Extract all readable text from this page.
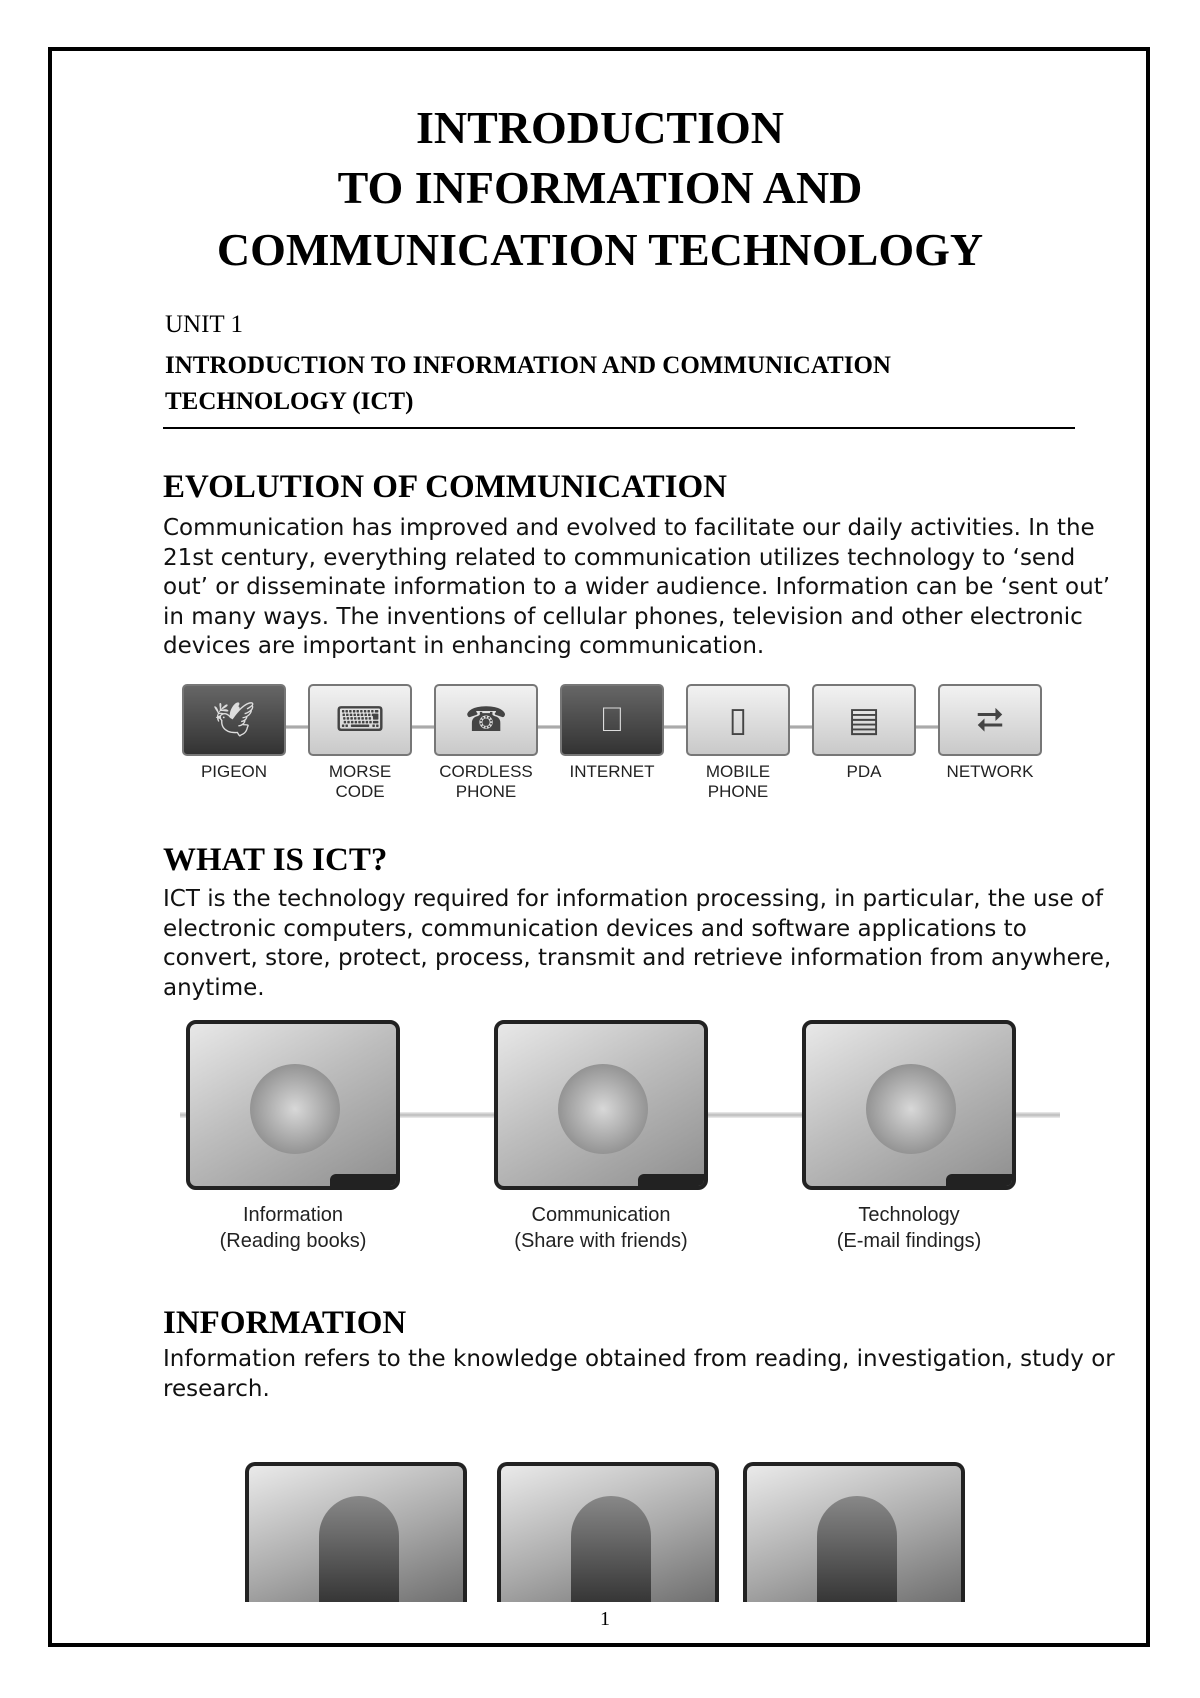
INTRODUCTION
TO INFORMATION AND
COMMUNICATION TECHNOLOGY
UNIT 1
INTRODUCTION TO INFORMATION AND COMMUNICATION TECHNOLOGY (ICT)
EVOLUTION OF COMMUNICATION
Communication has improved and evolved to facilitate our daily activities. In the 21st century, everything related to communication utilizes technology to ‘send out’ or disseminate information to a wider audience. Information can be ‘sent out’ in many ways. The inventions of cellular phones, television and other electronic devices are important in enhancing communication.
🕊
PIGEON
⌨
MORSE
CODE
☎
CORDLESS
PHONE
⎕
INTERNET
▯
MOBILE
PHONE
▤
PDA
⮂
NETWORK
WHAT IS ICT?
ICT is the technology required for information processing, in particular, the use of electronic computers, communication devices and software applications to convert, store, protect, process, transmit and retrieve information from anywhere, anytime.
Information
(Reading books)
Communication
(Share with friends)
Technology
(E-mail findings)
INFORMATION
Information refers to the knowledge obtained from reading, investigation, study or research.
1
